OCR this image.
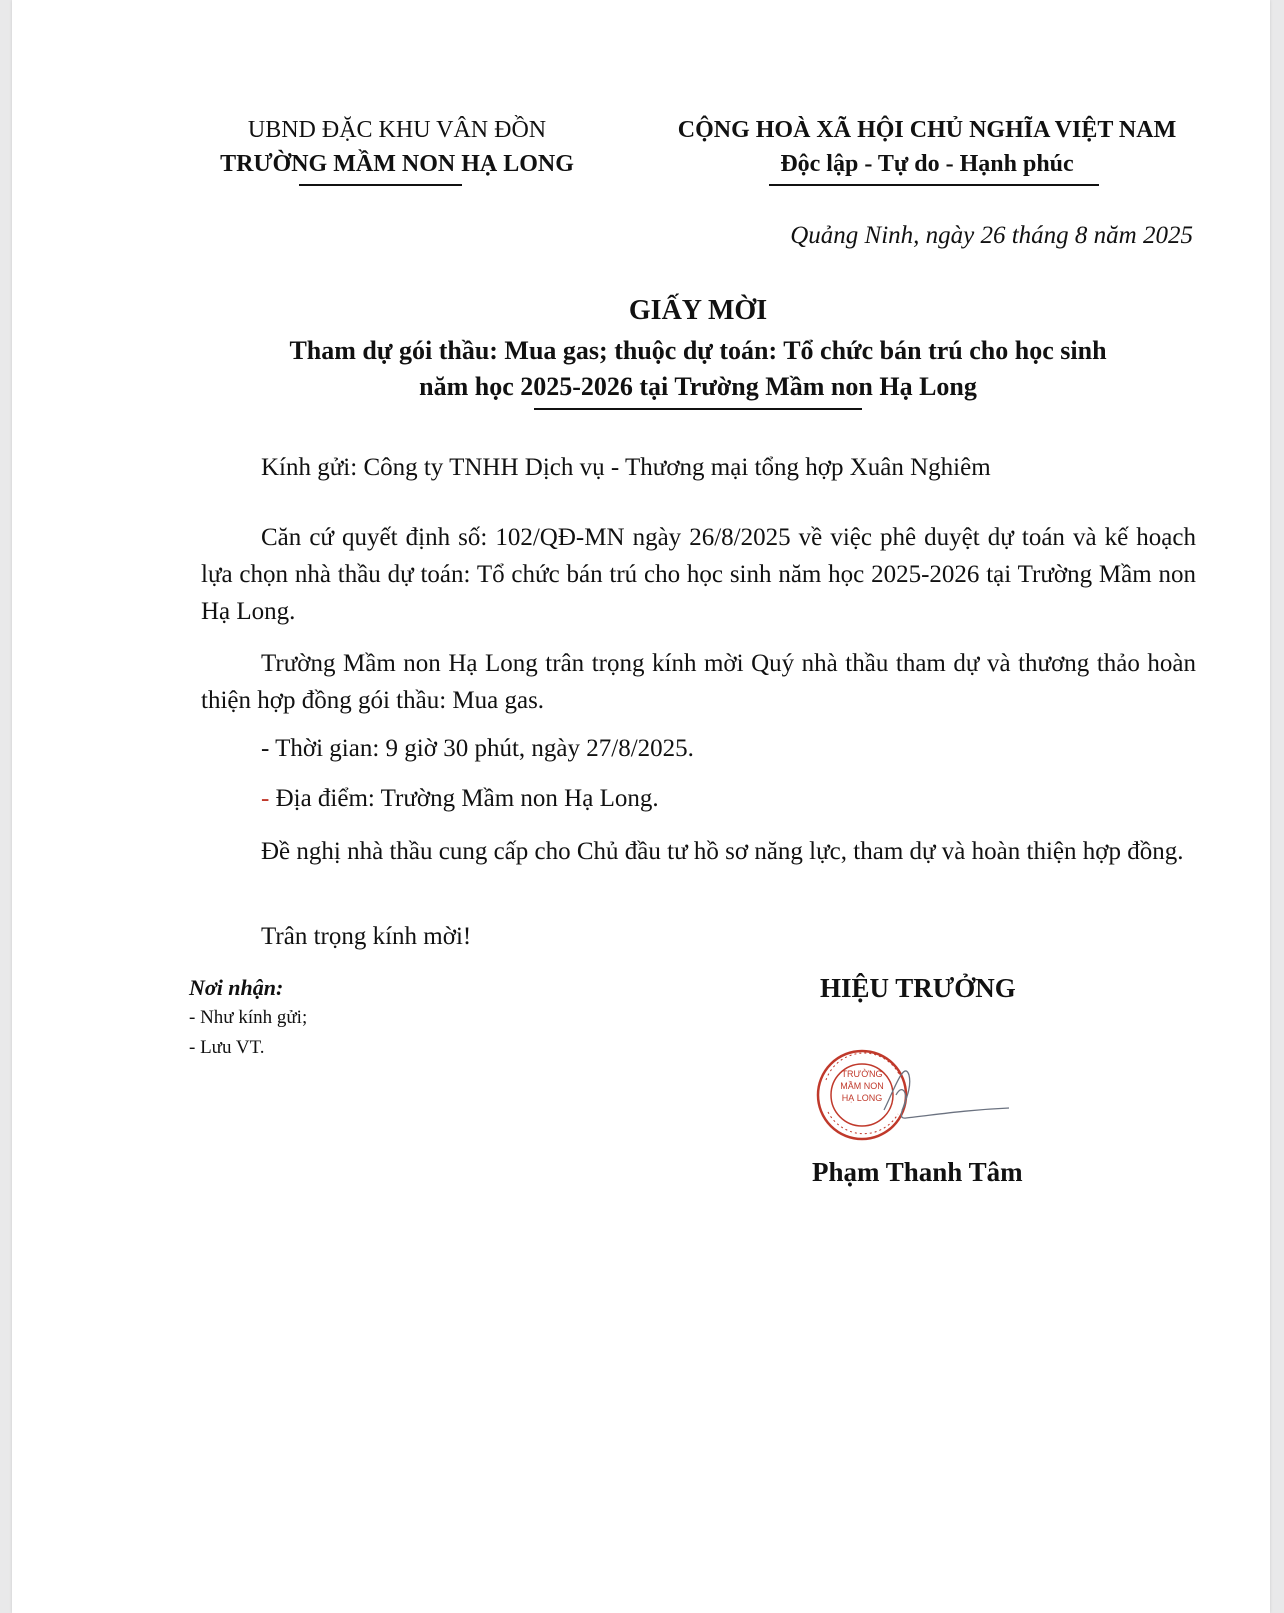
UBND ĐẶC KHU VÂN ĐỒN
TRƯỜNG MẦM NON HẠ LONG
CỘNG HOÀ XÃ HỘI CHỦ NGHĨA VIỆT NAM
Độc lập - Tự do - Hạnh phúc
Quảng Ninh, ngày 26 tháng 8 năm 2025
GIẤY MỜI
Tham dự gói thầu: Mua gas; thuộc dự toán: Tổ chức bán trú cho học sinh
năm học 2025-2026 tại Trường Mầm non Hạ Long
Kính gửi: Công ty TNHH Dịch vụ - Thương mại tổng hợp Xuân Nghiêm
Căn cứ quyết định số: 102/QĐ-MN ngày 26/8/2025 về việc phê duyệt dự toán và kế hoạch lựa chọn nhà thầu dự toán: Tổ chức bán trú cho học sinh năm học 2025-2026 tại Trường Mầm non Hạ Long.
Trường Mầm non Hạ Long trân trọng kính mời Quý nhà thầu tham dự và thương thảo hoàn thiện hợp đồng gói thầu: Mua gas.
- Thời gian: 9 giờ 30 phút, ngày 27/8/2025.
- Địa điểm: Trường Mầm non Hạ Long.
Đề nghị nhà thầu cung cấp cho Chủ đầu tư hồ sơ năng lực, tham dự và hoàn thiện hợp đồng.
Trân trọng kính mời!
Nơi nhận:
- Như kính gửi;
- Lưu VT.
HIỆU TRƯỞNG
TRƯỜNG
MẦM NON
HẠ LONG
Phạm Thanh Tâm
